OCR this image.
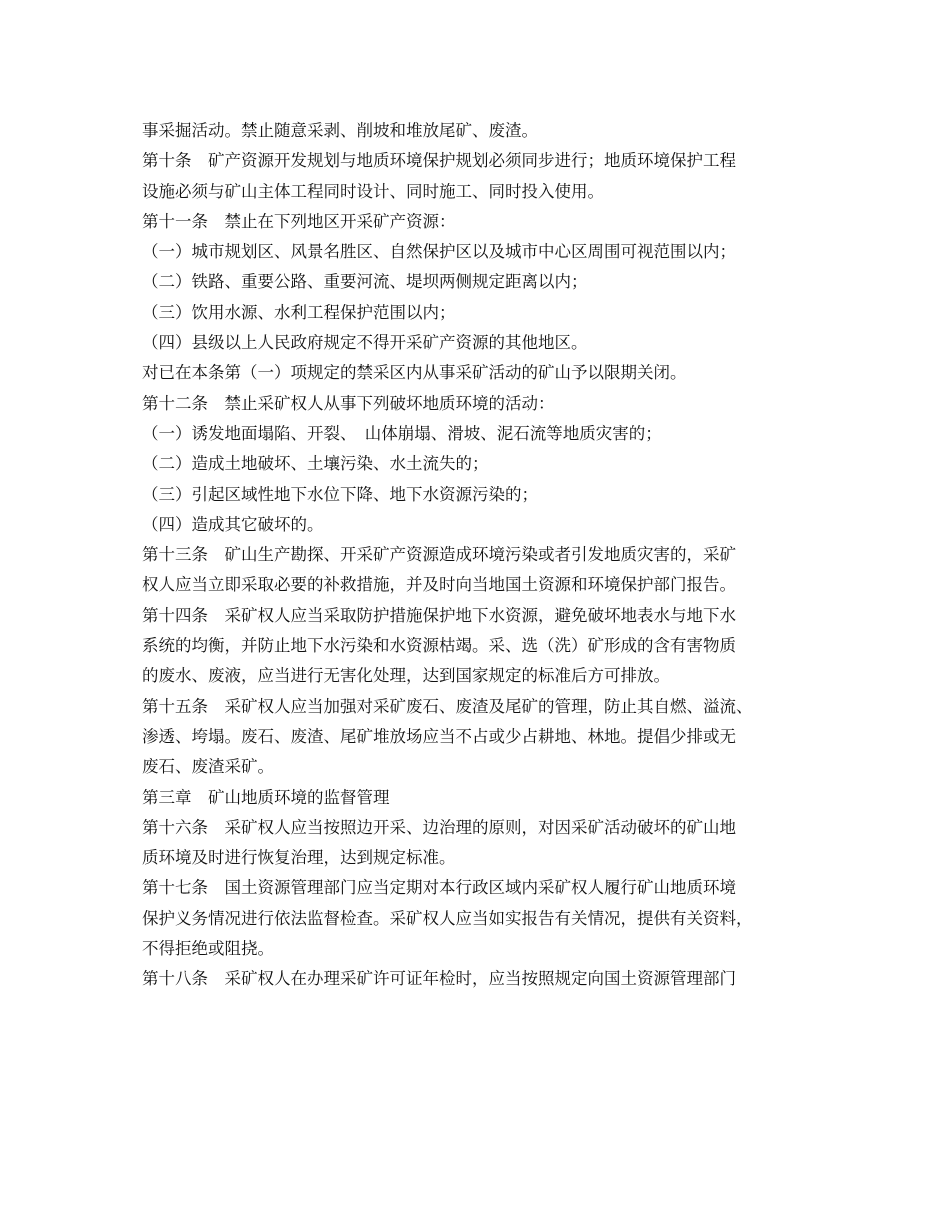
事采掘活动。禁止随意采剥、削坡和堆放尾矿、废渣。
第十条　矿产资源开发规划与地质环境保护规划必须同步进行；地质环境保护工程
设施必须与矿山主体工程同时设计、同时施工、同时投入使用。
第十一条　禁止在下列地区开采矿产资源：
（一）城市规划区、风景名胜区、自然保护区以及城市中心区周围可视范围以内；
（二）铁路、重要公路、重要河流、堤坝两侧规定距离以内；
（三）饮用水源、水利工程保护范围以内；
（四）县级以上人民政府规定不得开采矿产资源的其他地区。
对已在本条第（一）项规定的禁采区内从事采矿活动的矿山予以限期关闭。
第十二条　禁止采矿权人从事下列破坏地质环境的活动：
（一）诱发地面塌陷、开裂、　山体崩塌、滑坡、泥石流等地质灾害的；
（二）造成土地破坏、土壤污染、水土流失的；
（三）引起区域性地下水位下降、地下水资源污染的；
（四）造成其它破坏的。
第十三条　矿山生产勘探、开采矿产资源造成环境污染或者引发地质灾害的，采矿
权人应当立即采取必要的补救措施，并及时向当地国土资源和环境保护部门报告。
第十四条　采矿权人应当采取防护措施保护地下水资源，避免破坏地表水与地下水
系统的均衡，并防止地下水污染和水资源枯竭。采、选（洗）矿形成的含有害物质
的废水、废液，应当进行无害化处理，达到国家规定的标准后方可排放。
第十五条　采矿权人应当加强对采矿废石、废渣及尾矿的管理，防止其自燃、溢流、
渗透、垮塌。废石、废渣、尾矿堆放场应当不占或少占耕地、林地。提倡少排或无
废石、废渣采矿。
第三章　矿山地质环境的监督管理
第十六条　采矿权人应当按照边开采、边治理的原则，对因采矿活动破坏的矿山地
质环境及时进行恢复治理，达到规定标准。
第十七条　国土资源管理部门应当定期对本行政区域内采矿权人履行矿山地质环境
保护义务情况进行依法监督检查。采矿权人应当如实报告有关情况，提供有关资料，
不得拒绝或阻挠。
第十八条　采矿权人在办理采矿许可证年检时，应当按照规定向国土资源管理部门
